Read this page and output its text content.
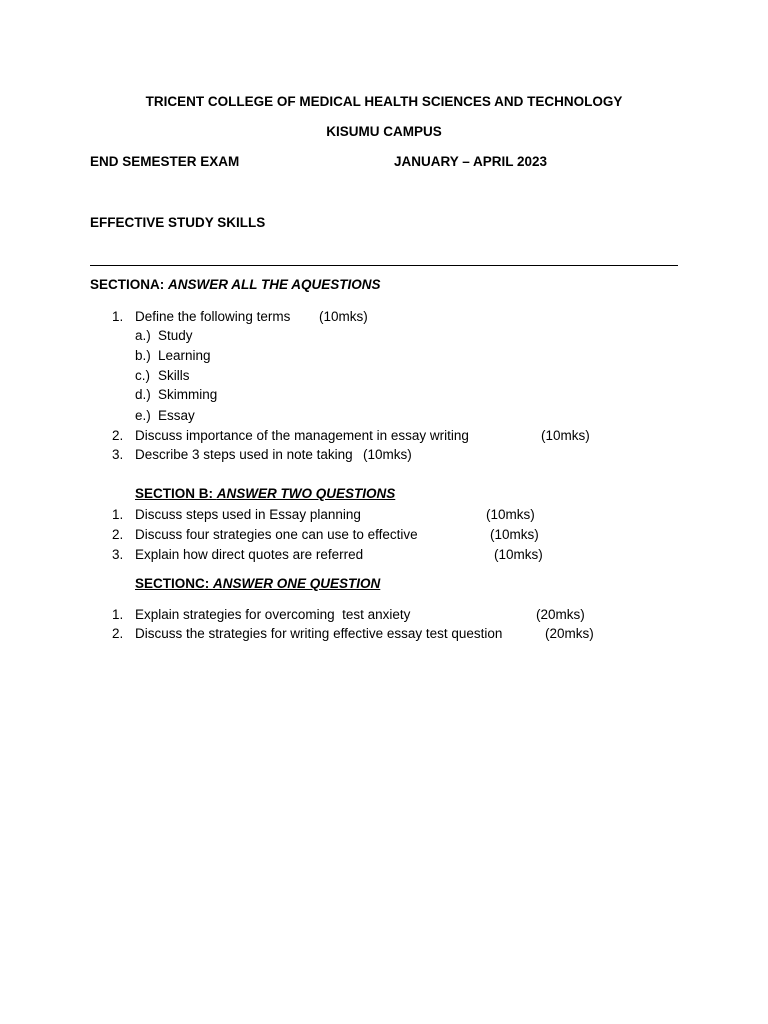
TRICENT COLLEGE OF MEDICAL HEALTH SCIENCES AND TECHNOLOGY
KISUMU CAMPUS
END SEMESTER EXAM	JANUARY – APRIL 2023
EFFECTIVE STUDY SKILLS
SECTIONA: ANSWER ALL THE AQUESTIONS
1. Define the following terms (10mks)
a.) Study
b.) Learning
c.) Skills
d.) Skimming
e.) Essay
2. Discuss importance of the management in essay writing	(10mks)
3. Describe 3 steps used in note taking (10mks)
SECTION B: ANSWER TWO QUESTIONS
1. Discuss steps used in Essay planning	(10mks)
2. Discuss four strategies one can use to effective	(10mks)
3. Explain how direct quotes are referred	(10mks)
SECTIONC: ANSWER ONE QUESTION
1. Explain strategies for overcoming  test anxiety	(20mks)
2. Discuss the strategies for writing effective essay test question	(20mks)
